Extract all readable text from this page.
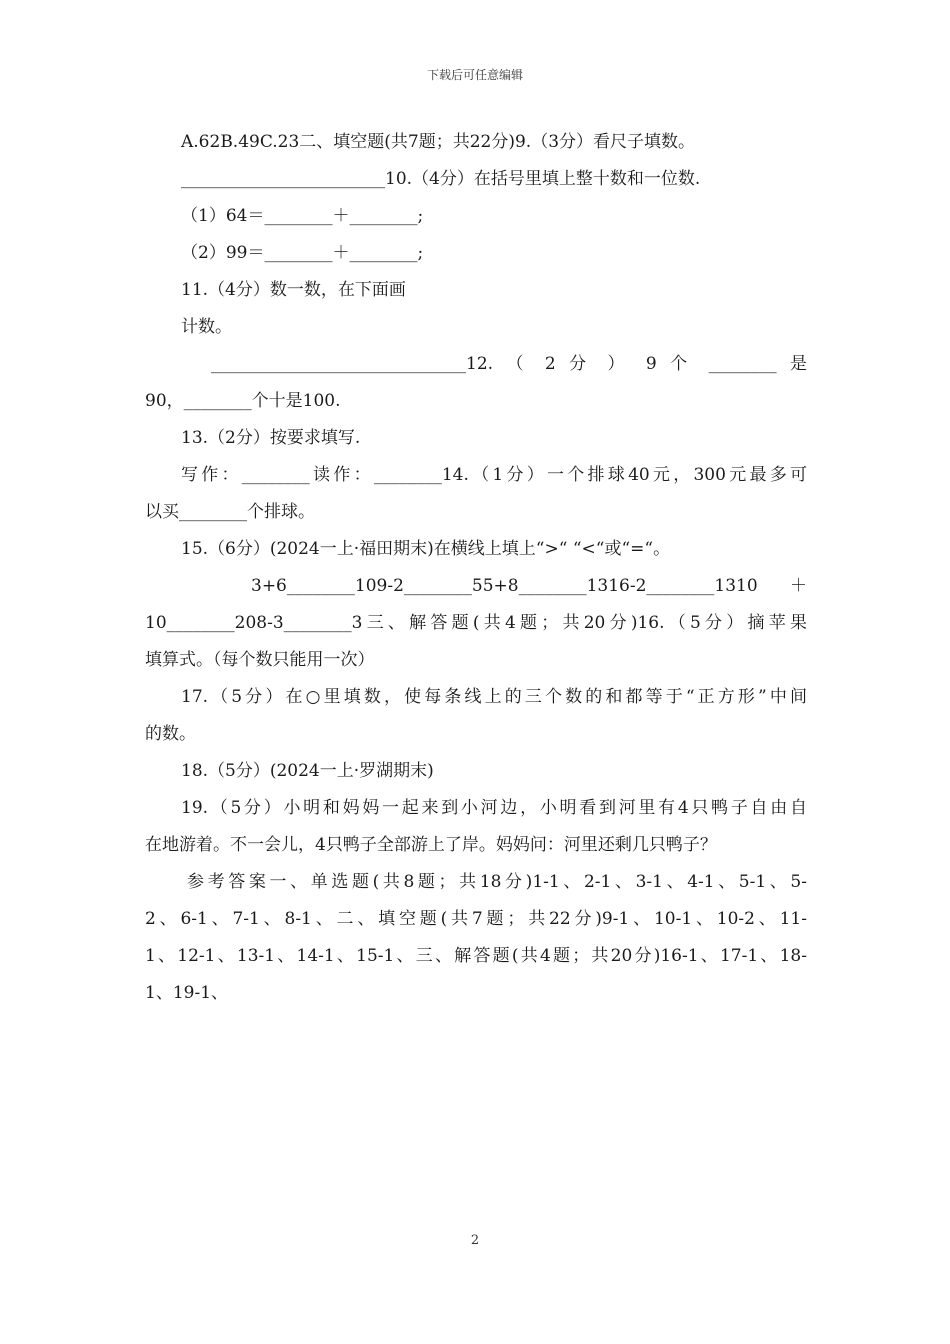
下载后可任意编辑

A.62B.49C.23二、填空题(共7题；共22分)9.（3分）看尺子填数。

________________________10.（4分）在括号里填上整十数和一位数.

（1）64＝________＋________;

（2）99＝________＋________;

11.（4分）数一数，在下面画

计数。

______________________________12. （ 2 分 ） 9 个 ________ 是

90，________个十是100.

13.（2分）按要求填写.

写作：________读作：________14.（1分）一个排球40元，300元最多可

以买________个排球。

15.（6分）(2024一上·福田期末)在横线上填上“>“ “<“或“=“。

3+6________109-2________55+8________1316-2________1310 ＋

10________208-3________3三、解答题(共4题；共20分)16.（5分）摘苹果

填算式。（每个数只能用一次）

17.（5分）在○里填数，使每条线上的三个数的和都等于“正方形”中间

的数。

18.（5分）(2024一上·罗湖期末)

19.（5分）小明和妈妈一起来到小河边，小明看到河里有4只鸭子自由自

在地游着。不一会儿，4只鸭子全部游上了岸。妈妈问：河里还剩几只鸭子？

参考答案一、单选题(共8题；共18分)1-1、2-1、3-1、4-1、5-1、5-

2、6-1、7-1、8-1、二、填空题(共7题；共22分)9-1、10-1、10-2、11-

1、12-1、13-1、14-1、15-1、三、解答题(共4题；共20分)16-1、17-1、18-

1、19-1、

2
